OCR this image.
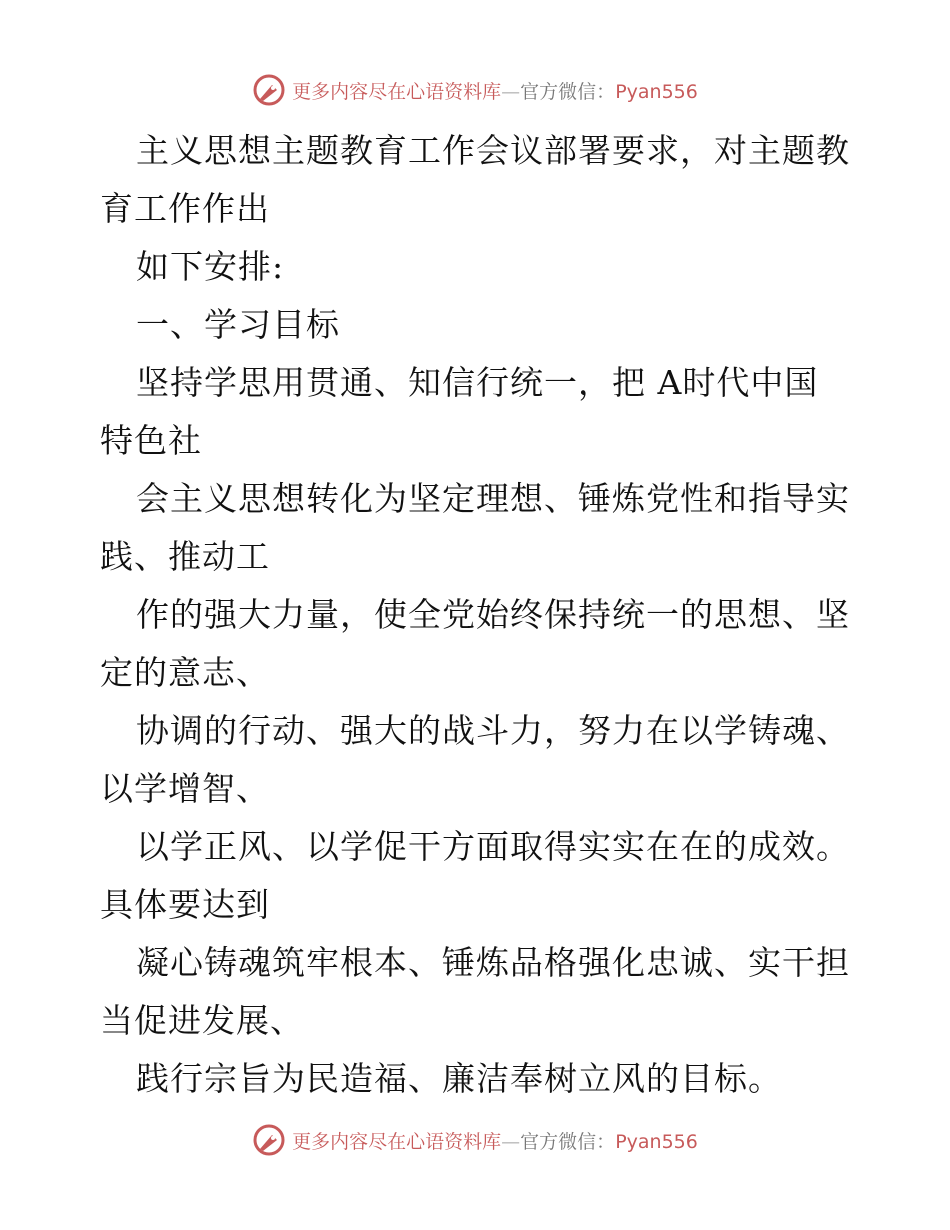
更多内容尽在心语资料库—官方微信：Pyan556
主义思想主题教育工作会议部署要求，对主题教
育工作作出
如下安排:
一、学习目标
坚持学思用贯通、知信行统一，把 A时代中国
特色社
会主义思想转化为坚定理想、锤炼党性和指导实
践、推动工
作的强大力量，使全党始终保持统一的思想、坚
定的意志、
协调的行动、强大的战斗力，努力在以学铸魂、
以学增智、
以学正风、以学促干方面取得实实在在的成效。
具体要达到
凝心铸魂筑牢根本、锤炼品格强化忠诚、实干担
当促进发展、
践行宗旨为民造福、廉洁奉树立风的目标。
更多内容尽在心语资料库—官方微信：Pyan556
